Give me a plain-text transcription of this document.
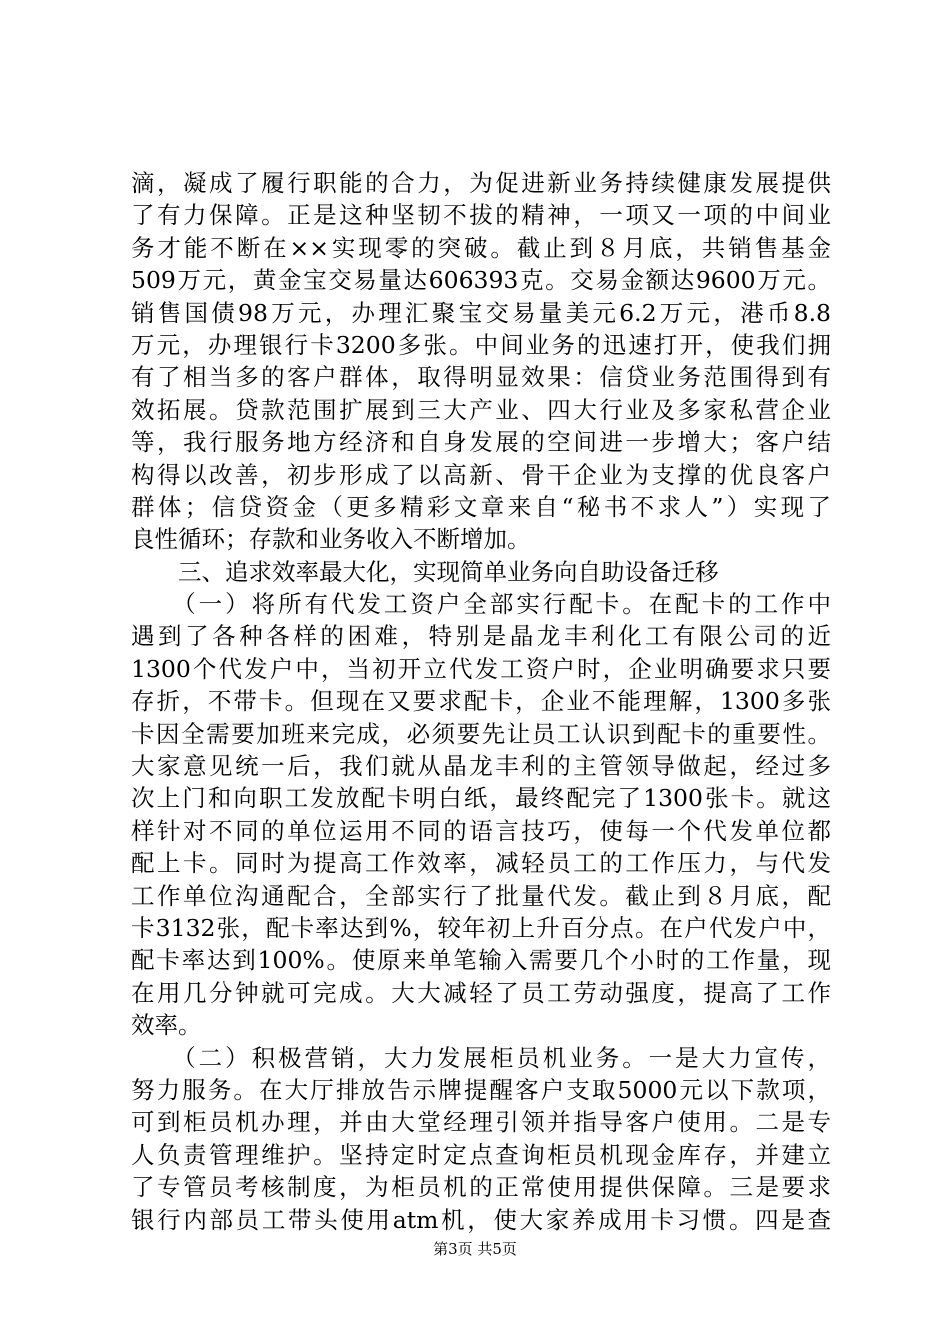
滴，凝成了履行职能的合力，为促进新业务持续健康发展提供
了有力保障。正是这种坚韧不拔的精神，一项又一项的中间业
务才能不断在××实现零的突破。截止到８月底，共销售基金
509万元，黄金宝交易量达606393克。交易金额达9600万元。
销售国债98万元，办理汇聚宝交易量美元6.2万元，港币8.8
万元，办理银行卡3200多张。中间业务的迅速打开，使我们拥
有了相当多的客户群体，取得明显效果：信贷业务范围得到有
效拓展。贷款范围扩展到三大产业、四大行业及多家私营企业
等，我行服务地方经济和自身发展的空间进一步增大；客户结
构得以改善，初步形成了以高新、骨干企业为支撑的优良客户
群体；信贷资金（更多精彩文章来自“秘书不求人”）实现了
良性循环；存款和业务收入不断增加。
　　三、追求效率最大化，实现简单业务向自助设备迁移
　　（一）将所有代发工资户全部实行配卡。在配卡的工作中
遇到了各种各样的困难，特别是晶龙丰利化工有限公司的近
1300个代发户中，当初开立代发工资户时，企业明确要求只要
存折，不带卡。但现在又要求配卡，企业不能理解，1300多张
卡因全需要加班来完成，必须要先让员工认识到配卡的重要性。
大家意见统一后，我们就从晶龙丰利的主管领导做起，经过多
次上门和向职工发放配卡明白纸，最终配完了1300张卡。就这
样针对不同的单位运用不同的语言技巧，使每一个代发单位都
配上卡。同时为提高工作效率，减轻员工的工作压力，与代发
工作单位沟通配合，全部实行了批量代发。截止到８月底，配
卡3132张，配卡率达到%，较年初上升百分点。在户代发户中，
配卡率达到100%。使原来单笔输入需要几个小时的工作量，现
在用几分钟就可完成。大大减轻了员工劳动强度，提高了工作
效率。
　　（二）积极营销，大力发展柜员机业务。一是大力宣传，
努力服务。在大厅排放告示牌提醒客户支取5000元以下款项，
可到柜员机办理，并由大堂经理引领并指导客户使用。二是专
人负责管理维护。坚持定时定点查询柜员机现金库存，并建立
了专管员考核制度，为柜员机的正常使用提供保障。三是要求
银行内部员工带头使用atm机，使大家养成用卡习惯。四是查
第3页 共5页
